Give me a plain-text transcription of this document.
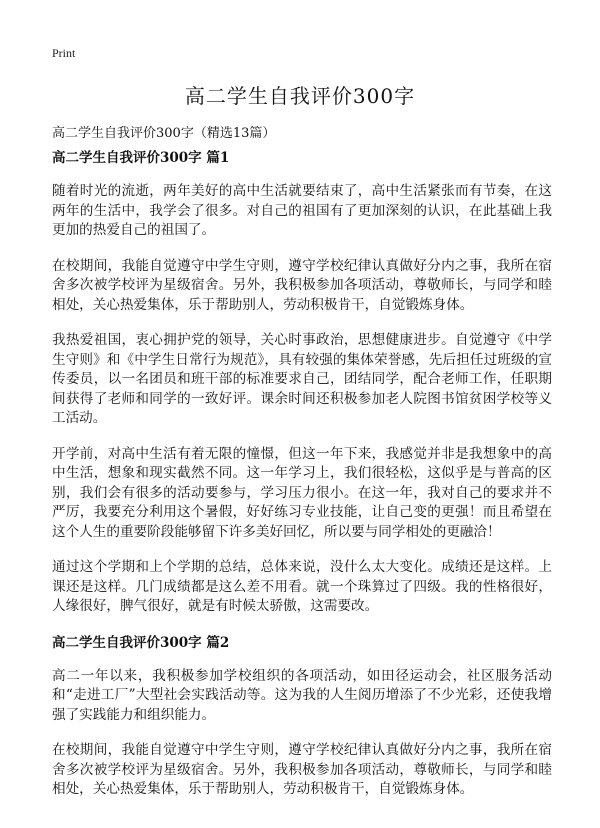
Print
高二学生自我评价300字

高二学生自我评价300字（精选13篇）

高二学生自我评价300字 篇1

随着时光的流逝，两年美好的高中生活就要结束了，高中生活紧张而有节奏，在这两年的生活中，我学会了很多。对自己的祖国有了更加深刻的认识，在此基础上我更加的热爱自己的祖国了。

在校期间，我能自觉遵守中学生守则，遵守学校纪律认真做好分内之事，我所在宿舍多次被学校评为星级宿舍。另外，我积极参加各项活动，尊敬师长，与同学和睦相处，关心热爱集体，乐于帮助别人，劳动积极肯干，自觉锻炼身体。

我热爱祖国，衷心拥护党的领导，关心时事政治，思想健康进步。自觉遵守《中学生守则》和《中学生日常行为规范》，具有较强的集体荣誉感，先后担任过班级的宣传委员，以一名团员和班干部的标准要求自己，团结同学，配合老师工作，任职期间获得了老师和同学的一致好评。课余时间还积极参加老人院图书馆贫困学校等义工活动。

开学前，对高中生活有着无限的憧憬，但这一年下来，我感觉并非是我想象中的高中生活，想象和现实截然不同。这一年学习上，我们很轻松，这似乎是与普高的区别，我们会有很多的活动要参与，学习压力很小。在这一年，我对自己的要求并不严厉，我要充分利用这个暑假，好好练习专业技能，让自己变的更强！而且希望在这个人生的重要阶段能够留下许多美好回忆，所以要与同学相处的更融洽！

通过这个学期和上个学期的总结，总体来说，没什么太大变化。成绩还是这样。上课还是这样。几门成绩都是这么差不用看。就一个珠算过了四级。我的性格很好，人缘很好，脾气很好，就是有时候太骄傲，这需要改。

高二学生自我评价300字 篇2

高二一年以来，我积极参加学校组织的各项活动，如田径运动会，社区服务活动和“走进工厂”大型社会实践活动等。这为我的人生阅历增添了不少光彩，还使我增强了实践能力和组织能力。

在校期间，我能自觉遵守中学生守则，遵守学校纪律认真做好分内之事，我所在宿舍多次被学校评为星级宿舍。另外，我积极参加各项活动，尊敬师长，与同学和睦相处，关心热爱集体，乐于帮助别人，劳动积极肯干，自觉锻炼身体。
